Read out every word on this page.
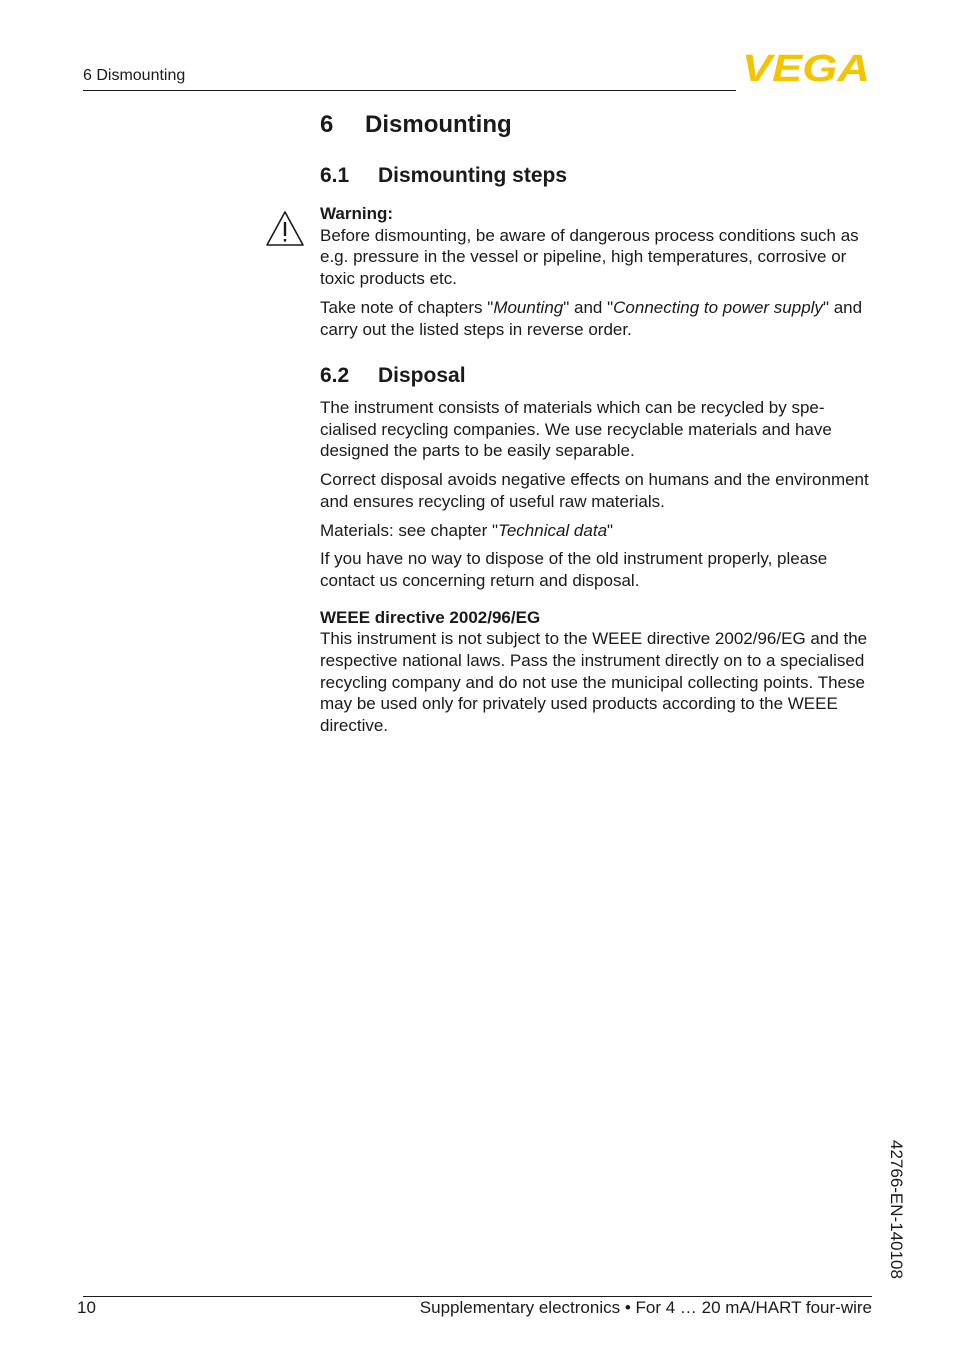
6 Dismounting	VEGA
6 Dismounting
6.1 Dismounting steps
Warning:

Before dismounting, be aware of dangerous process conditions such as e.g. pressure in the vessel or pipeline, high temperatures, corrosive or toxic products etc.

Take note of chapters "Mounting" and "Connecting to power supply" and carry out the listed steps in reverse order.

6.2 Disposal

The instrument consists of materials which can be recycled by specialised recycling companies. We use recyclable materials and have designed the parts to be easily separable.

Correct disposal avoids negative effects on humans and the environment and ensures recycling of useful raw materials.

Materials: see chapter "Technical data"

If you have no way to dispose of the old instrument properly, please contact us concerning return and disposal.

WEEE directive 2002/96/EG

This instrument is not subject to the WEEE directive 2002/96/EG and the respective national laws. Pass the instrument directly on to a specialised recycling company and do not use the municipal collecting points. These may be used only for privately used products according to the WEEE directive.

42766-EN-140108
10	Supplementary electronics • For 4 … 20 mA/HART four-wire
